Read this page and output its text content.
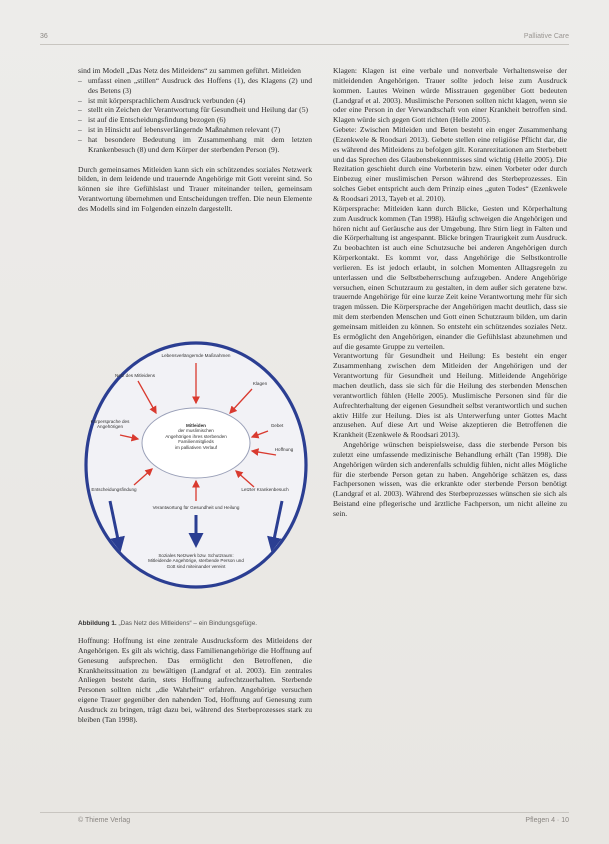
36	Palliative Care

sind im Modell „Das Netz des Mitleidens“ zu sammen geführt. Mitleiden

– umfasst einen „stillen“ Ausdruck des Hoffens (1), des Klagens (2) und des Betens (3)
– ist mit körpersprachlichem Ausdruck verbunden (4)
– stellt ein Zeichen der Verantwortung für Gesundheit und Heilung dar (5)
– ist auf die Entscheidungsfindung bezogen (6)
– ist in Hinsicht auf lebensverlängernde Maßnahmen relevant (7)
– hat besondere Bedeutung im Zusammenhang mit dem letzten Krankenbesuch (8) und dem Körper der sterbenden Person (9).

Durch gemeinsames Mitleiden kann sich ein schützendes soziales Netzwerk bilden, in dem leidende und trauernde Angehörige mit Gott vereint sind. So können sie ihre Gefühlslast und Trauer miteinander teilen, gemeinsam Verantwortung übernehmen und Entscheidungen treffen. Die neun Elemente des Modells sind im Folgenden einzeln dargestellt.

Lebensverlängernde Maßnahmen
Netz des Mitleidens
Klagen
Körpersprache des Angehörigen	Gebet
Hoffnung
Entscheidungsfindung	Letzter Krankenbesuch
Verantwortung für Gesundheit und Heilung
Mitleiden
der muslimischen
Angehörigen ihres sterbenden
Familienmitglieds
im palliativen Verlauf
Soziales Netzwerk bzw. Schutzraum:
Mitleidende Angehörige, sterbende Person und
Gott sind miteinander vereint
Abbildung 1. „Das Netz des Mitleidens“ – ein Bindungsgefüge.

Hoffnung: Hoffnung ist eine zentrale Ausdrucksform des Mitleidens der Angehörigen. Es gilt als wichtig, dass Familienangehörige die Hoffnung auf Genesung aufsprechen. Das ermöglicht den Betroffenen, die Krankheitssituation zu bewältigen (Landgraf et al. 2003). Ein zentrales Anliegen besteht darin, stets Hoffnung aufrechtzuerhalten. Sterbende Personen sollten nicht „die Wahrheit“ erfahren. Angehörige versuchen eigene Trauer gegenüber den nahenden Tod, Hoffnung auf Genesung zum Ausdruck zu bringen, trägt dazu bei, während des Sterbeprozesses stark zu bleiben (Tan 1998).

Klagen: Klagen ist eine verbale und nonverbale Verhaltensweise der mitleidenden Angehörigen. Trauer sollte jedoch leise zum Ausdruck kommen. Lautes Weinen würde Misstrauen gegenüber Gott bedeuten (Landgraf et al. 2003). Muslimische Personen sollten nicht klagen, wenn sie oder eine Person in der Verwandtschaft von einer Krankheit betroffen sind. Klagen würde sich gegen Gott richten (Helle 2005).

Gebete: Zwischen Mitleiden und Beten besteht ein enger Zusammenhang (Ezenkwele & Roodsari 2013). Gebete stellen eine religiöse Pflicht dar, die es während des Mitleidens zu befolgen gilt. Koranrezitationen am Sterbebett und das Sprechen des Glaubensbekenntnisses sind wichtig (Helle 2005). Die Rezitation geschieht durch eine Vorbeterin bzw. einen Vorbeter oder durch Einbezug einer muslimischen Person während des Sterbeprozesses. Ein solches Gebet entspricht auch dem Prinzip eines „guten Todes“ (Ezenkwele & Roodsari 2013, Tayeb et al. 2010).

Körpersprache: Mitleiden kann durch Blicke, Gesten und Körperhaltung zum Ausdruck kommen (Tan 1998). Häufig schweigen die Angehörigen und hören nicht auf Geräusche aus der Umgebung. Ihre Stirn liegt in Falten und die Körperhaltung ist angespannt. Blicke bringen Traurigkeit zum Ausdruck. Zu beobachten ist auch eine Schutzsuche bei anderen Angehörigen durch Körperkontakt. Es kommt vor, dass Angehörige die Selbstkontrolle verlieren. Es ist jedoch erlaubt, in solchen Momenten Alltagsregeln zu unterlassen und die Selbstbeherrschung aufzugeben. Andere Angehörige versuchen, einen Schutzraum zu gestalten, in dem außer sich geratene bzw. trauernde Angehörige für eine kurze Zeit keine Verantwortung mehr für sich tragen müssen. Die Körpersprache der Angehörigen macht deutlich, dass sie mit dem sterbenden Menschen und Gott einen Schutzraum bilden, um darin gemeinsam mitleiden zu können. So entsteht ein schützendes soziales Netz. Es ermöglicht den Angehörigen, einander die Gefühlslast abzunehmen und auf die gesamte Gruppe zu verteilen.

Verantwortung für Gesundheit und Heilung: Es besteht ein enger Zusammenhang zwischen dem Mitleiden der Angehörigen und der Verantwortung für Gesundheit und Heilung. Mitleidende Angehörige machen deutlich, dass sie sich für die Heilung des sterbenden Menschen verantwortlich fühlen (Helle 2005). Muslimische Personen sind für die Aufrechterhaltung der eigenen Gesundheit selbst verantwortlich und suchen aktiv Hilfe zur Heilung. Dies ist als Unterwerfung unter Gottes Macht anzusehen. Auf diese Art und Weise akzeptieren die Betroffenen die Krankheit (Ezenkwele & Roodsari 2013).

Angehörige wünschen beispielsweise, dass die sterbende Person bis zuletzt eine umfassende medizinische Behandlung erhält (Tan 1998). Die Angehörigen würden sich anderenfalls schuldig fühlen, nicht alles Mögliche für die sterbende Person getan zu haben. Angehörige schätzen es, dass Fachpersonen wissen, was die erkrankte oder sterbende Person benötigt (Landgraf et al. 2003). Während des Sterbeprozesses wünschen sie sich als Beistand eine pflegerische und ärztliche Fachperson, um nicht alleine zu sein.

© Thieme Verlag	Pflegen 4 · 10
